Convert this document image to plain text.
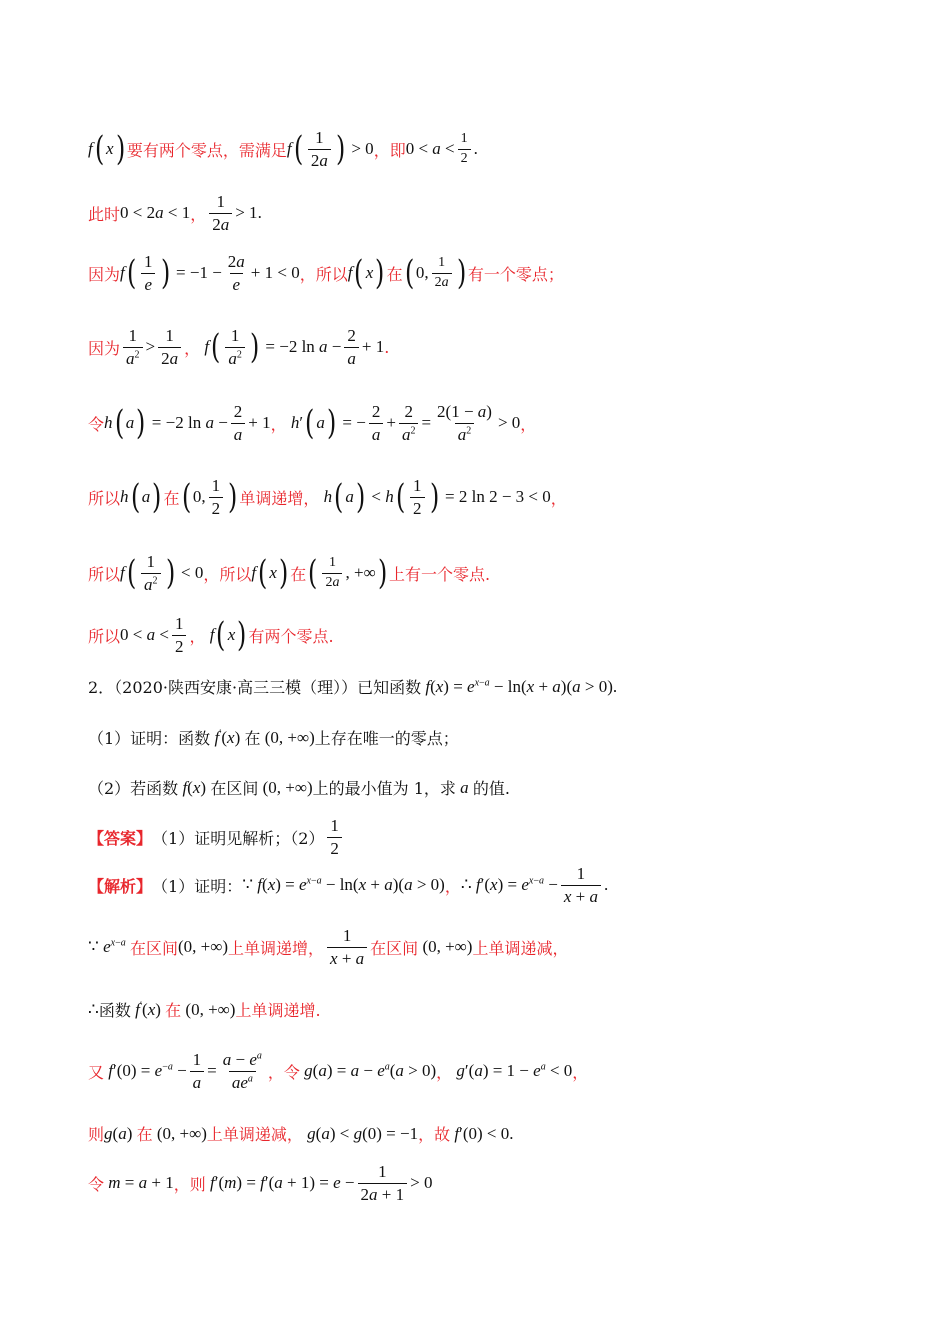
f ( x ) 要有两个零点，需满足 f ( $\frac{1}{2a}$ ) > 0 ，即 $0 < a < \frac{1}{2}$ .
此时 0 < 2a < 1 ， $\frac{1}{2a} > 1$ .
因为 f ( $\frac{1}{e}$ ) = $-1 - \frac{2a}{e} + 1 < 0$ ，所以 f ( x ) 在 ( 0, $\frac{1}{2a}$ ) 有一个零点；
因为 $\frac{1}{a^2} > \frac{1}{2a}$ ， f ( $\frac{1}{a^2}$ ) = −2 $\ln a - \frac{2}{a} + 1$ .
令 h ( a ) = −2 $\ln a - \frac{2}{a} + 1$ ， h′ ( a ) = − $\frac{2}{a} + \frac{2}{a^2} = \frac{2(1 - a)}{a^2} > 0$ ，
所以 h ( a ) 在 ( 0, $\frac{1}{2}$ ) 单调递增， h ( a ) < h ( $\frac{1}{2}$ ) = 2 ln 2 − 3 < 0 ，
所以 f ( $\frac{1}{a^2}$ ) < 0 ，所以 f ( x ) 在 ( $\frac{1}{2a}$ , +∞ ) 上有一个零点.
所以 $0 < a < \frac{1}{2}$ ， f ( x ) 有两个零点.
2．（2020·陕西安康·高三三模（理））已知函数 $f(x) = e^{x-a} - \ln(x + a)(a > 0)$ .
（1）证明：函数 f′(x) 在 (0, +∞) 上存在唯一的零点；
（2）若函数 f(x) 在区间 (0, +∞) 上的最小值为 1，求 a 的值.
【答案】 （1）证明见解析；$(2) \frac{1}{2}$
【解析】 （1）证明： ∵ $f(x) = e^{x-a} - \ln(x + a)(a > 0)$ ， ∴ $f'(x) = e^{x-a} - \frac{1}{x + a}$ .
∵ $e^{x-a}$ 在区间 (0, +∞) 上单调递增， $\frac{1}{x + a}$ 在区间 (0, +∞) 上单调递减，
∴ 函数 f′(x) 在 (0, +∞) 上单调递增.
又 $f'(0) = e^{-a} - \frac{1}{a} = \frac{a - e^a}{ae^a}$ ，令 $g(a) = a - e^a(a > 0)$ ， $g'(a) = 1 - e^a < 0$ ，
则 g (a) 在 (0, +∞) 上单调递减， g(a) < g(0) = −1 ，故 f′(0) < 0 .
令 m = a + 1 ，则 $f'(m) = f'(a + 1) = e - \frac{1}{2a + 1} > 0$
